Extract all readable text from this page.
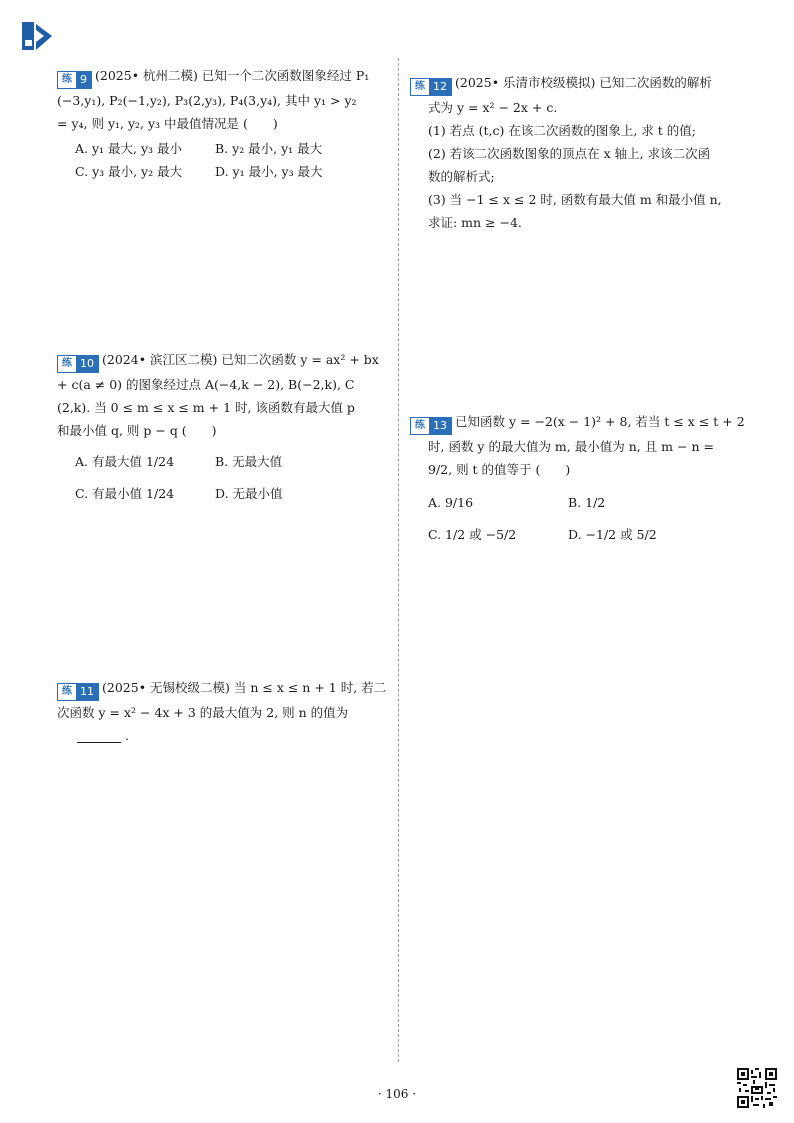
练 9 (2025• 杭州二模) 已知一个二次函数图象经过 P₁
(−3,y₁), P₂(−1,y₂), P₃(2,y₃), P₄(3,y₄), 其中 y₁ > y₂
= y₄, 则 y₁, y₂, y₃ 中最值情况是 (　　)
A. y₁ 最大, y₃ 最小	B. y₂ 最小, y₁ 最大
C. y₃ 最小, y₂ 最大	D. y₁ 最小, y₃ 最大
练 10 (2024• 滨江区二模) 已知二次函数 y = ax² + bx
+ c(a ≠ 0) 的图象经过点 A(−4,k − 2), B(−2,k), C
(2,k). 当 0 ≤ m ≤ x ≤ m + 1 时, 该函数有最大值 p
和最小值 q, 则 p − q (　　)
A. 有最大值 1/24	B. 无最大值
C. 有最小值 1/24	D. 无最小值
练 11 (2025• 无锡校级二模) 当 n ≤ x ≤ n + 1 时, 若二
次函数 y = x² − 4x + 3 的最大值为 2, 则 n 的值为
.
练 12 (2025• 乐清市校级模拟) 已知二次函数的解析
式为 y = x² − 2x + c.
(1) 若点 (t,c) 在该二次函数的图象上, 求 t 的值;
(2) 若该二次函数图象的顶点在 x 轴上, 求该二次函
数的解析式;
(3) 当 −1 ≤ x ≤ 2 时, 函数有最大值 m 和最小值 n,
求证: mn ≥ −4.
练 13 已知函数 y = −2(x − 1)² + 8, 若当 t ≤ x ≤ t + 2
时, 函数 y 的最大值为 m, 最小值为 n, 且 m − n =
9/2, 则 t 的值等于 (　　)
A. 9/16	B. 1/2
C. 1/2 或 −5/2	D. −1/2 或 5/2
· 106 ·
